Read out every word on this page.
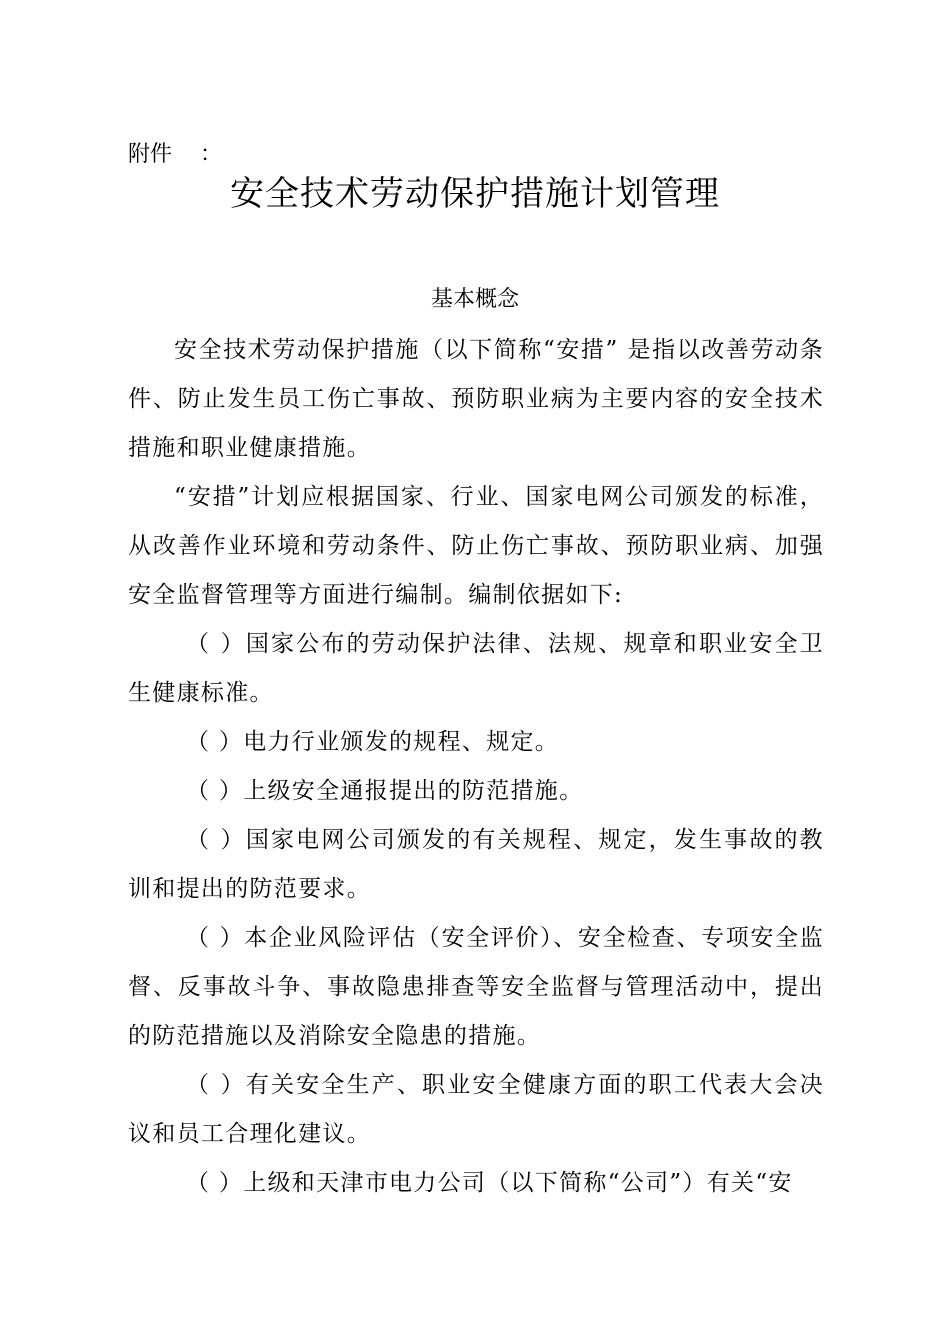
附件    ：
安全技术劳动保护措施计划管理
基本概念

安全技术劳动保护措施（以下简称“安措” 是指以改善劳动条件、防止发生员工伤亡事故、预防职业病为主要内容的安全技术措施和职业健康措施。

“安措”计划应根据国家、行业、国家电网公司颁发的标准，从改善作业环境和劳动条件、防止伤亡事故、预防职业病、加强安全监督管理等方面进行编制。编制依据如下:

（ ）国家公布的劳动保护法律、法规、规章和职业安全卫生健康标准。

（ ）电力行业颁发的规程、规定。

（ ）上级安全通报提出的防范措施。

（ ）国家电网公司颁发的有关规程、规定，发生事故的教训和提出的防范要求。

（ ）本企业风险评估（安全评价）、安全检查、专项安全监督、反事故斗争、事故隐患排查等安全监督与管理活动中，提出的防范措施以及消除安全隐患的措施。

（ ）有关安全生产、职业安全健康方面的职工代表大会决议和员工合理化建议。

（ ）上级和天津市电力公司（以下简称“公司”）有关“安
